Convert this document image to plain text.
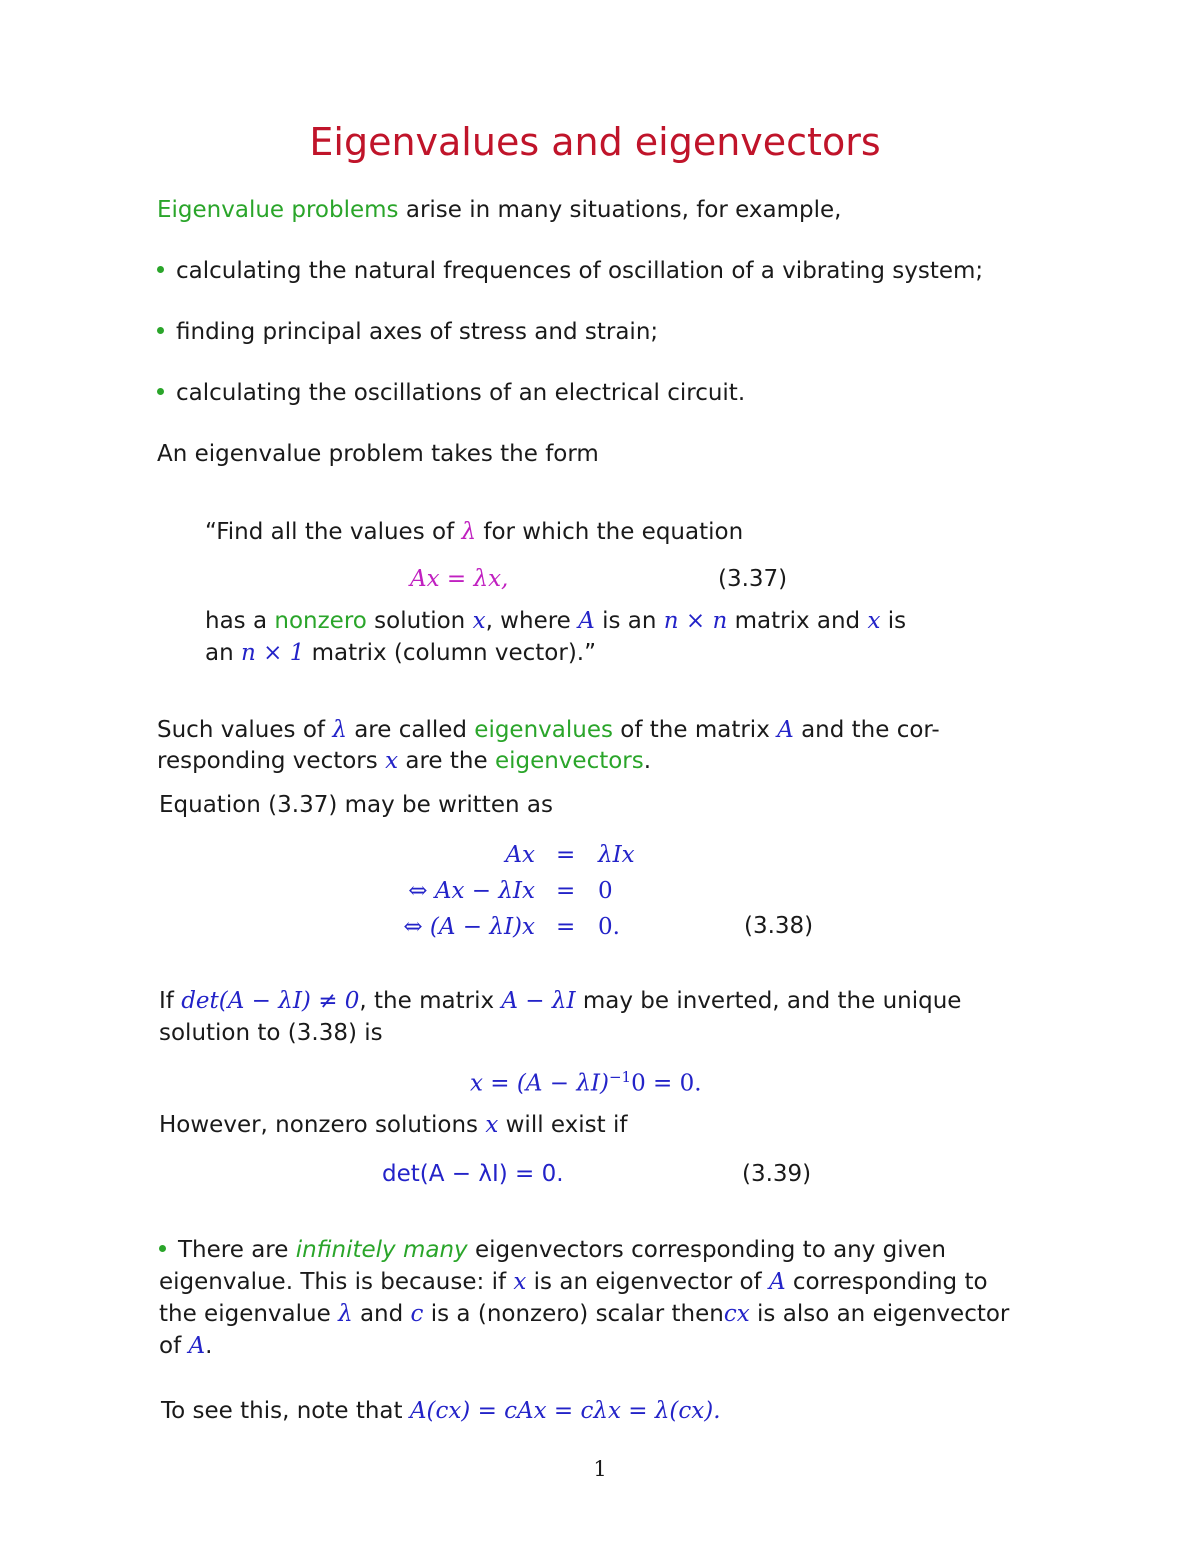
Eigenvalues and eigenvectors
Eigenvalue problems arise in many situations, for example,
calculating the natural frequences of oscillation of a vibrating system;
finding principal axes of stress and strain;
calculating the oscillations of an electrical circuit.
An eigenvalue problem takes the form
“Find all the values of λ for which the equation
Ax = λx,	(3.37)
has a nonzero solution x, where A is an n × n matrix and x is
an n × 1 matrix (column vector).”
Such values of λ are called eigenvalues of the matrix A and the cor-
responding vectors x are the eigenvectors.
Equation (3.37) may be written as
Ax = λIx
⇔ Ax − λIx = 0
⇔ (A − λI)x = 0.	(3.38)
If det(A − λI) ≠ 0, the matrix A − λI may be inverted, and the unique
solution to (3.38) is
$x = (A - \lambda I)^{-1}0 = 0$.
However, nonzero solutions x will exist if
det(A − λI) = 0.	(3.39)
There are infinitely many eigenvectors corresponding to any given
eigenvalue. This is because: if x is an eigenvector of A corresponding to
the eigenvalue λ and c is a (nonzero) scalar thencx is also an eigenvector
of A.
To see this, note that A(cx) = cAx = cλx = λ(cx).
1
